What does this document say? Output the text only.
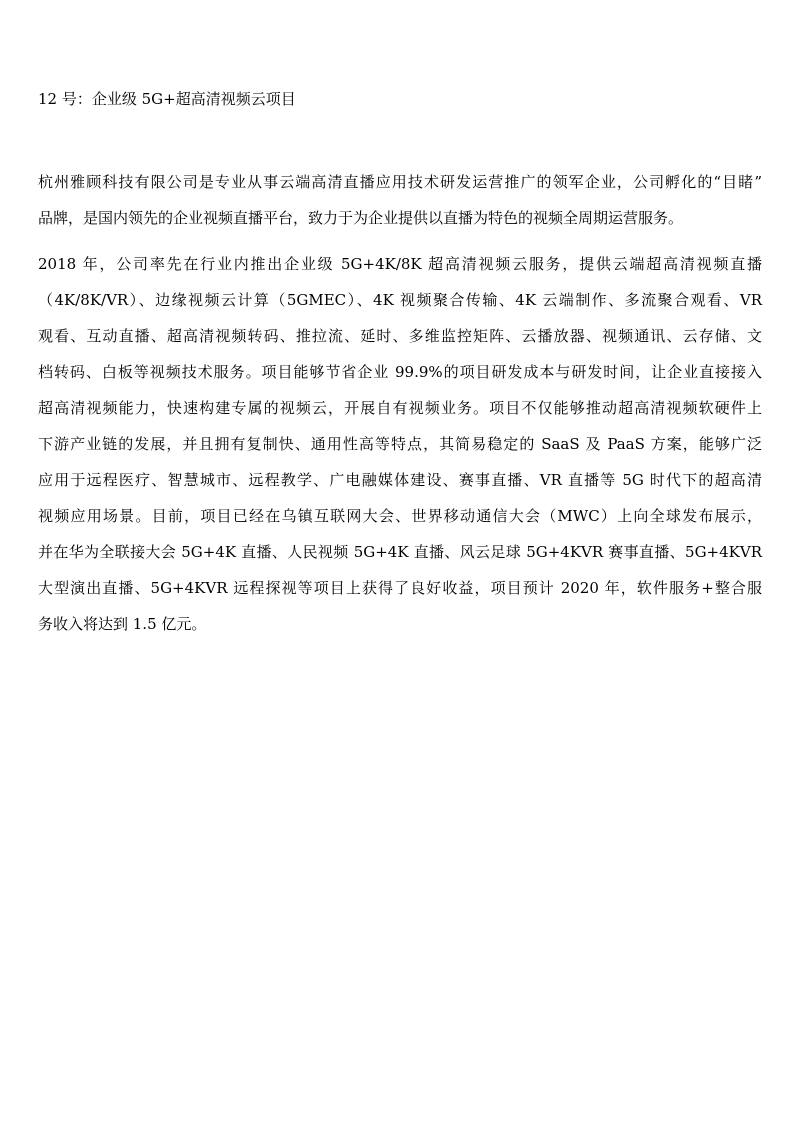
12 号：企业级 5G+超高清视频云项目
杭州雅顾科技有限公司是专业从事云端高清直播应用技术研发运营推广的领军企业，公司孵化的“目睹”
品牌，是国内领先的企业视频直播平台，致力于为企业提供以直播为特色的视频全周期运营服务。
2018 年，公司率先在行业内推出企业级 5G+4K/8K 超高清视频云服务，提供云端超高清视频直播
（4K/8K/VR）、边缘视频云计算（5GMEC）、4K 视频聚合传输、4K 云端制作、多流聚合观看、VR
观看、互动直播、超高清视频转码、推拉流、延时、多维监控矩阵、云播放器、视频通讯、云存储、文
档转码、白板等视频技术服务。项目能够节省企业 99.9%的项目研发成本与研发时间，让企业直接接入
超高清视频能力，快速构建专属的视频云，开展自有视频业务。项目不仅能够推动超高清视频软硬件上
下游产业链的发展，并且拥有复制快、通用性高等特点，其简易稳定的 SaaS 及 PaaS 方案，能够广泛
应用于远程医疗、智慧城市、远程教学、广电融媒体建设、赛事直播、VR 直播等 5G 时代下的超高清
视频应用场景。目前，项目已经在乌镇互联网大会、世界移动通信大会（MWC）上向全球发布展示，
并在华为全联接大会 5G+4K 直播、人民视频 5G+4K 直播、风云足球 5G+4KVR 赛事直播、5G+4KVR
大型演出直播、5G+4KVR 远程探视等项目上获得了良好收益，项目预计 2020 年，软件服务+整合服
务收入将达到 1.5 亿元。
